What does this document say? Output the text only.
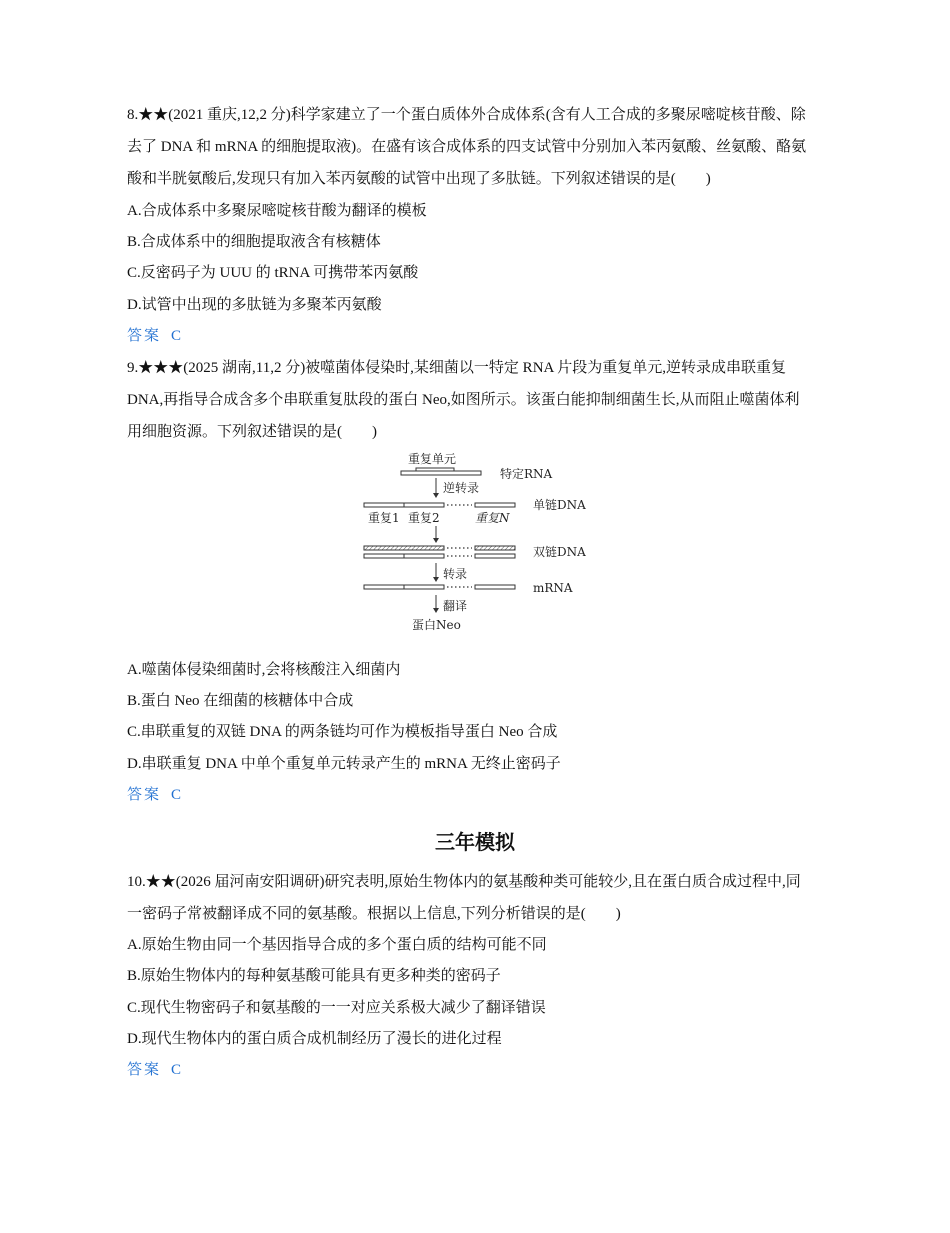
8.★★(2021 重庆,12,2 分)科学家建立了一个蛋白质体外合成体系(含有人工合成的多聚尿嘧啶核苷酸、除
去了 DNA 和 mRNA 的细胞提取液)。在盛有该合成体系的四支试管中分别加入苯丙氨酸、丝氨酸、酪氨
酸和半胱氨酸后,发现只有加入苯丙氨酸的试管中出现了多肽链。下列叙述错误的是(　　)
A.合成体系中多聚尿嘧啶核苷酸为翻译的模板
B.合成体系中的细胞提取液含有核糖体
C.反密码子为 UUU 的 tRNA 可携带苯丙氨酸
D.试管中出现的多肽链为多聚苯丙氨酸
答案 C
9.★★★(2025 湖南,11,2 分)被噬菌体侵染时,某细菌以一特定 RNA 片段为重复单元,逆转录成串联重复
DNA,再指导合成含多个串联重复肽段的蛋白 Neo,如图所示。该蛋白能抑制细菌生长,从而阻止噬菌体利
用细胞资源。下列叙述错误的是(　　)
重复单元
特定RNA
逆转录
单链DNA
重复1 重复2	重复N
双链DNA
转录
mRNA
翻译
蛋白Neo
A.噬菌体侵染细菌时,会将核酸注入细菌内
B.蛋白 Neo 在细菌的核糖体中合成
C.串联重复的双链 DNA 的两条链均可作为模板指导蛋白 Neo 合成
D.串联重复 DNA 中单个重复单元转录产生的 mRNA 无终止密码子
答案 C
三年模拟
10.★★(2026 届河南安阳调研)研究表明,原始生物体内的氨基酸种类可能较少,且在蛋白质合成过程中,同
一密码子常被翻译成不同的氨基酸。根据以上信息,下列分析错误的是(　　)
A.原始生物由同一个基因指导合成的多个蛋白质的结构可能不同
B.原始生物体内的每种氨基酸可能具有更多种类的密码子
C.现代生物密码子和氨基酸的一一对应关系极大减少了翻译错误
D.现代生物体内的蛋白质合成机制经历了漫长的进化过程
答案 C
